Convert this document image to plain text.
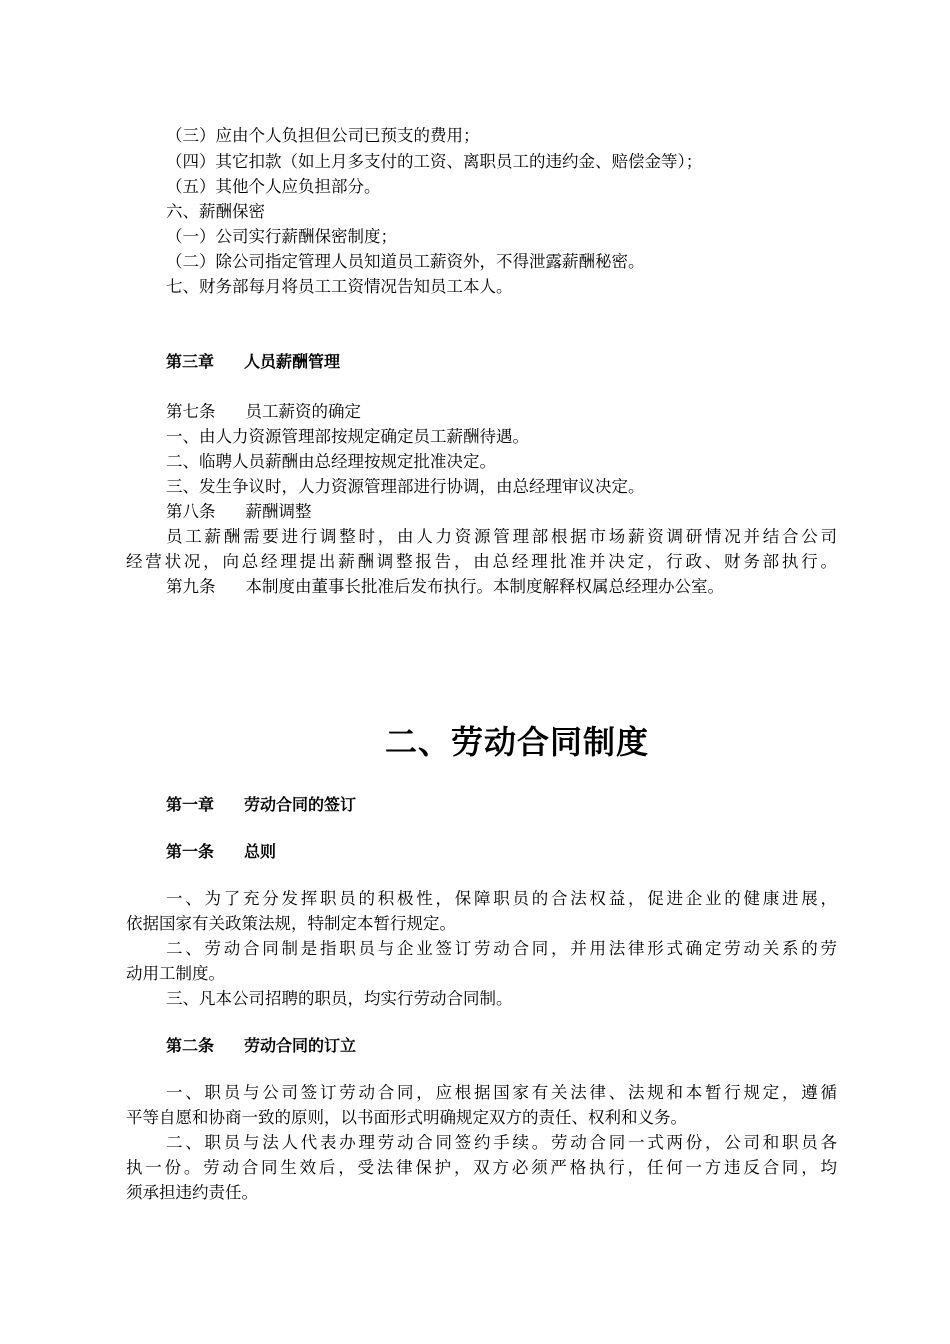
（三）应由个人负担但公司已预支的费用；
（四）其它扣款（如上月多支付的工资、离职员工的违约金、赔偿金等）；
（五）其他个人应负担部分。
六、薪酬保密
（一）公司实行薪酬保密制度；
（二）除公司指定管理人员知道员工薪资外，不得泄露薪酬秘密。
七、财务部每月将员工工资情况告知员工本人。
第三章 人员薪酬管理
第七条 员工薪资的确定
一、由人力资源管理部按规定确定员工薪酬待遇。
二、临聘人员薪酬由总经理按规定批准决定。
三、发生争议时，人力资源管理部进行协调，由总经理审议决定。
第八条 薪酬调整
员工薪酬需要进行调整时，由人力资源管理部根据市场薪资调研情况并结合公司
经营状况，向总经理提出薪酬调整报告，由总经理批准并决定，行政、财务部执行。
第九条 本制度由董事长批准后发布执行。本制度解释权属总经理办公室。
二、劳动合同制度
第一章 劳动合同的签订
第一条 总则
一、为了充分发挥职员的积极性，保障职员的合法权益，促进企业的健康进展，
依据国家有关政策法规，特制定本暂行规定。
二、劳动合同制是指职员与企业签订劳动合同，并用法律形式确定劳动关系的劳
动用工制度。
三、凡本公司招聘的职员，均实行劳动合同制。
第二条 劳动合同的订立
一、职员与公司签订劳动合同，应根据国家有关法律、法规和本暂行规定，遵循
平等自愿和协商一致的原则，以书面形式明确规定双方的责任、权利和义务。
二、职员与法人代表办理劳动合同签约手续。劳动合同一式两份，公司和职员各
执一份。劳动合同生效后，受法律保护，双方必须严格执行，任何一方违反合同，均
须承担违约责任。
